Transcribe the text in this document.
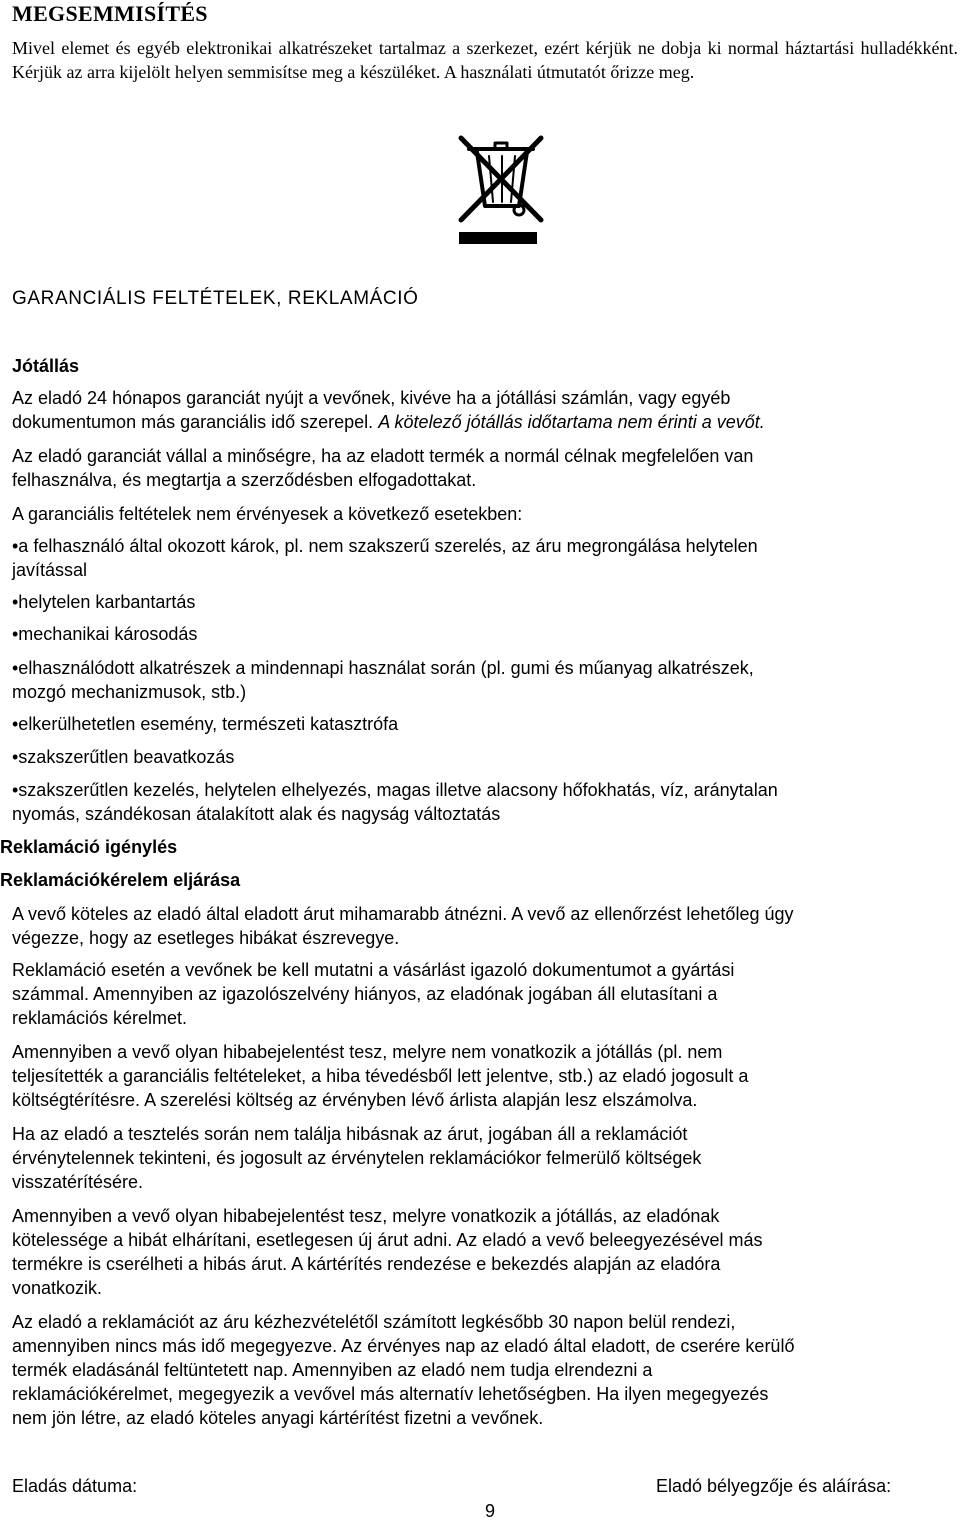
MEGSEMMISÍTÉS
Mivel elemet és egyéb elektronikai alkatrészeket tartalmaz a szerkezet, ezért kérjük ne dobja ki normal háztartási hulladékként. Kérjük az arra kijelölt helyen semmisítse meg a készüléket. A használati útmutatót őrizze meg.
GARANCIÁLIS FELTÉTELEK, REKLAMÁCIÓ
Jótállás
Az eladó 24 hónapos garanciát nyújt a vevőnek, kivéve ha a jótállási számlán, vagy egyéb
dokumentumon más garanciális idő szerepel. A kötelező jótállás időtartama nem érinti a vevőt.
Az eladó garanciát vállal a minőségre, ha az eladott termék a normál célnak megfelelően van
felhasználva, és megtartja a szerződésben elfogadottakat.
A garanciális feltételek nem érvényesek a következő esetekben:
•a felhasználó által okozott károk, pl. nem szakszerű szerelés, az áru megrongálása helytelen
javítással
•helytelen karbantartás
•mechanikai károsodás
•elhasználódott alkatrészek a mindennapi használat során (pl. gumi és műanyag alkatrészek,
mozgó mechanizmusok, stb.)
•elkerülhetetlen esemény, természeti katasztrófa
•szakszerűtlen beavatkozás
•szakszerűtlen kezelés, helytelen elhelyezés, magas illetve alacsony hőfokhatás, víz, aránytalan
nyomás, szándékosan átalakított alak és nagyság változtatás
Reklamáció igénylés
Reklamációkérelem eljárása
A vevő köteles az eladó által eladott árut mihamarabb átnézni. A vevő az ellenőrzést lehetőleg úgy
végezze, hogy az esetleges hibákat észrevegye.
Reklamáció esetén a vevőnek be kell mutatni a vásárlást igazoló dokumentumot a gyártási
számmal. Amennyiben az igazolószelvény hiányos, az eladónak jogában áll elutasítani a
reklamációs kérelmet.
Amennyiben a vevő olyan hibabejelentést tesz, melyre nem vonatkozik a jótállás (pl. nem
teljesítették a garanciális feltételeket, a hiba tévedésből lett jelentve, stb.) az eladó jogosult a
költségtérítésre. A szerelési költség az érvényben lévő árlista alapján lesz elszámolva.
Ha az eladó a tesztelés során nem találja hibásnak az árut, jogában áll a reklamációt
érvénytelennek tekinteni, és jogosult az érvénytelen reklamációkor felmerülő költségek
visszatérítésére.
Amennyiben a vevő olyan hibabejelentést tesz, melyre vonatkozik a jótállás, az eladónak
kötelessége a hibát elhárítani, esetlegesen új árut adni. Az eladó a vevő beleegyezésével más
termékre is cserélheti a hibás árut. A kártérítés rendezése e bekezdés alapján az eladóra
vonatkozik.
Az eladó a reklamációt az áru kézhezvételétől számított legkésőbb 30 napon belül rendezi,
amennyiben nincs más idő megegyezve. Az érvényes nap az eladó által eladott, de cserére kerülő
termék eladásánál feltüntetett nap. Amennyiben az eladó nem tudja elrendezni a
reklamációkérelmet, megegyezik a vevővel más alternatív lehetőségben. Ha ilyen megegyezés
nem jön létre, az eladó köteles anyagi kártérítést fizetni a vevőnek.
Eladás dátuma:	Eladó bélyegzője és aláírása:
9
